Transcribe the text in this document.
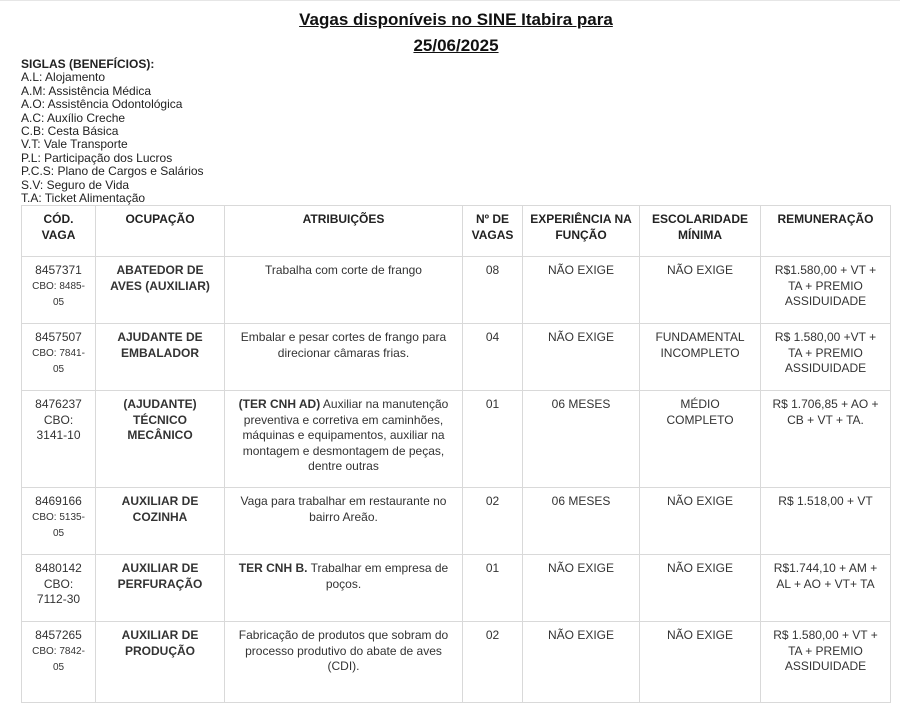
Vagas disponíveis no SINE Itabira para
25/06/2025
SIGLAS (BENEFÍCIOS):
A.L: Alojamento
A.M: Assistência Médica
A.O: Assistência Odontológica
A.C: Auxílio Creche
C.B: Cesta Básica
V.T: Vale Transporte
P.L: Participação dos Lucros
P.C.S: Plano de Cargos e Salários
S.V: Seguro de Vida
T.A: Ticket Alimentação
CÓD. VAGA	OCUPAÇÃO	ATRIBUIÇÕES	Nº DE VAGAS	EXPERIÊNCIA NA FUNÇÃO	ESCOLARIDADE MÍNIMA	REMUNERAÇÃO

8457371
CBO: 8485-05	ABATEDOR DE AVES (AUXILIAR)	Trabalha com corte de frango	08	NÃO EXIGE	NÃO EXIGE	R$1.580,00 + VT + TA + PREMIO ASSIDUIDADE

8457507
CBO: 7841-05	AJUDANTE DE EMBALADOR	Embalar e pesar cortes de frango para direcionar câmaras frias.	04	NÃO EXIGE	FUNDAMENTAL INCOMPLETO	R$ 1.580,00 +VT + TA + PREMIO ASSIDUIDADE

8476237
CBO: 3141-10	(AJUDANTE) TÉCNICO MECÂNICO	(TER CNH AD) Auxiliar na manutenção preventiva e corretiva em caminhões, máquinas e equipamentos, auxiliar na montagem e desmontagem de peças, dentre outras	01	06 MESES	MÉDIO COMPLETO	R$ 1.706,85 + AO + CB + VT + TA.

8469166
CBO: 5135-05	AUXILIAR DE COZINHA	Vaga para trabalhar em restaurante no bairro Areão.	02	06 MESES	NÃO EXIGE	R$ 1.518,00 + VT

8480142
CBO: 7112-30	AUXILIAR DE PERFURAÇÃO	TER CNH B. Trabalhar em empresa de poços.	01	NÃO EXIGE	NÃO EXIGE	R$1.744,10 + AM + AL + AO + VT+ TA

8457265
CBO: 7842-05	AUXILIAR DE PRODUÇÃO	Fabricação de produtos que sobram do processo produtivo do abate de aves (CDI).	02	NÃO EXIGE	NÃO EXIGE	R$ 1.580,00 + VT + TA + PREMIO ASSIDUIDADE
